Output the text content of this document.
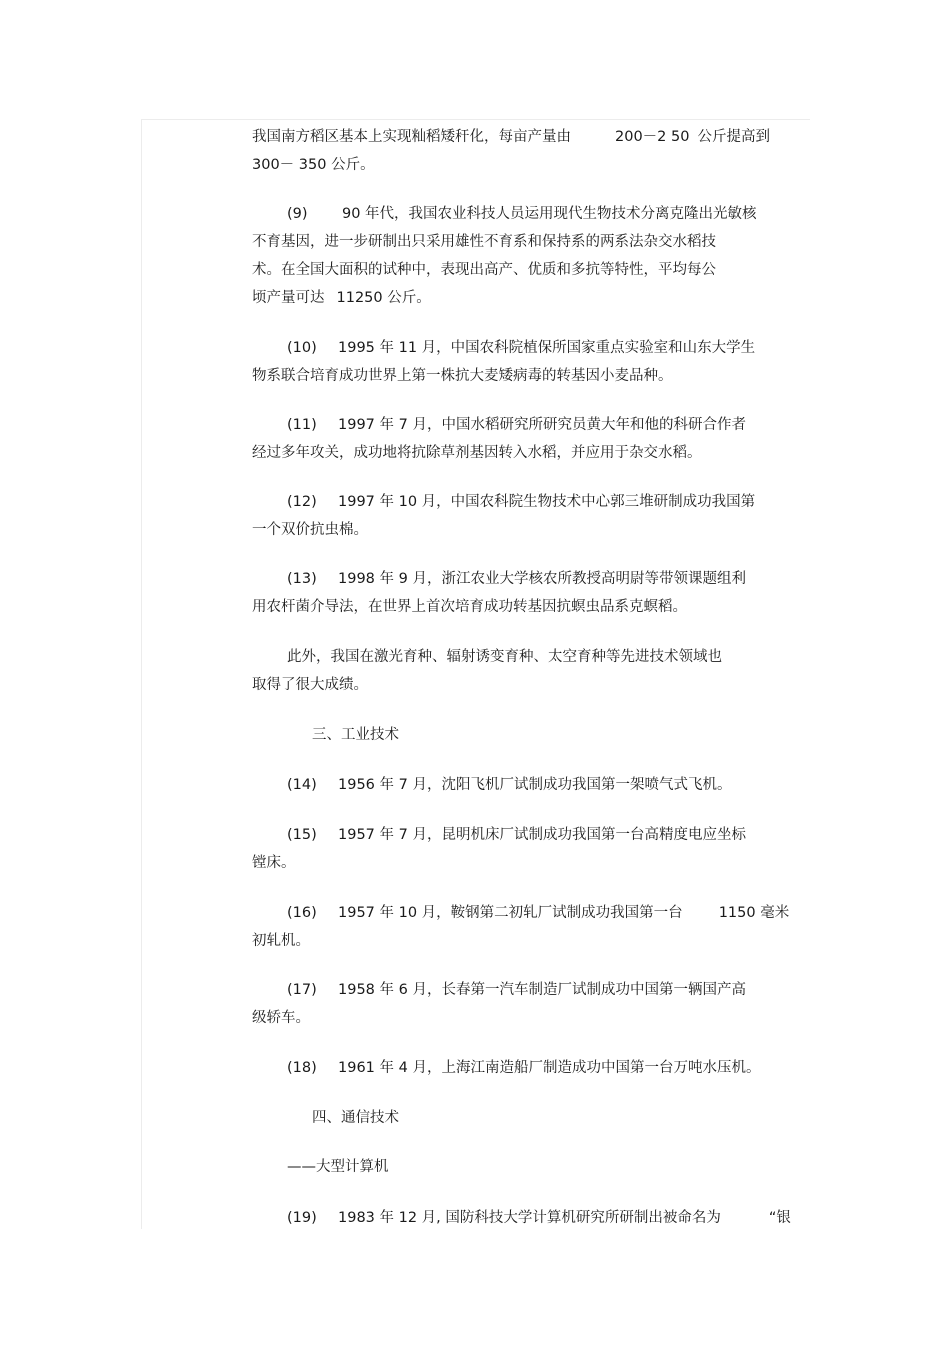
我国南方稻区基本上实现籼稻矮秆化，每亩产量由	200－2 50 公斤提高到

300－ 350 公斤。

(9) 90 年代，我国农业科技人员运用现代生物技术分离克隆出光敏核

不育基因，进一步研制出只采用雄性不育系和保持系的两系法杂交水稻技

术。在全国大面积的试种中，表现出高产、优质和多抗等特性，平均每公

顷产量可达 11250 公斤。

(10) 1995 年 11 月，中国农科院植保所国家重点实验室和山东大学生

物系联合培育成功世界上第一株抗大麦矮病毒的转基因小麦品种。

(11) 1997 年 7 月，中国水稻研究所研究员黄大年和他的科研合作者

经过多年攻关，成功地将抗除草剂基因转入水稻，并应用于杂交水稻。

(12) 1997 年 10 月，中国农科院生物技术中心郭三堆研制成功我国第

一个双价抗虫棉。

(13) 1998 年 9 月，浙江农业大学核农所教授高明尉等带领课题组利

用农杆菌介导法，在世界上首次培育成功转基因抗螟虫品系克螟稻。

此外，我国在激光育种、辐射诱变育种、太空育种等先进技术领域也

取得了很大成绩。

三、工业技术

(14) 1956 年 7 月，沈阳飞机厂试制成功我国第一架喷气式飞机。

(15) 1957 年 7 月，昆明机床厂试制成功我国第一台高精度电应坐标

镗床。

(16) 1957 年 10 月，鞍钢第二初轧厂试制成功我国第一台 1150 毫米

初轧机。

(17) 1958 年 6 月，长春第一汽车制造厂试制成功中国第一辆国产高

级轿车。

(18) 1961 年 4 月，上海江南造船厂制造成功中国第一台万吨水压机。

四、通信技术

——大型计算机

(19) 1983 年 12 月, 国防科技大学计算机研究所研制出被命名为	“银
